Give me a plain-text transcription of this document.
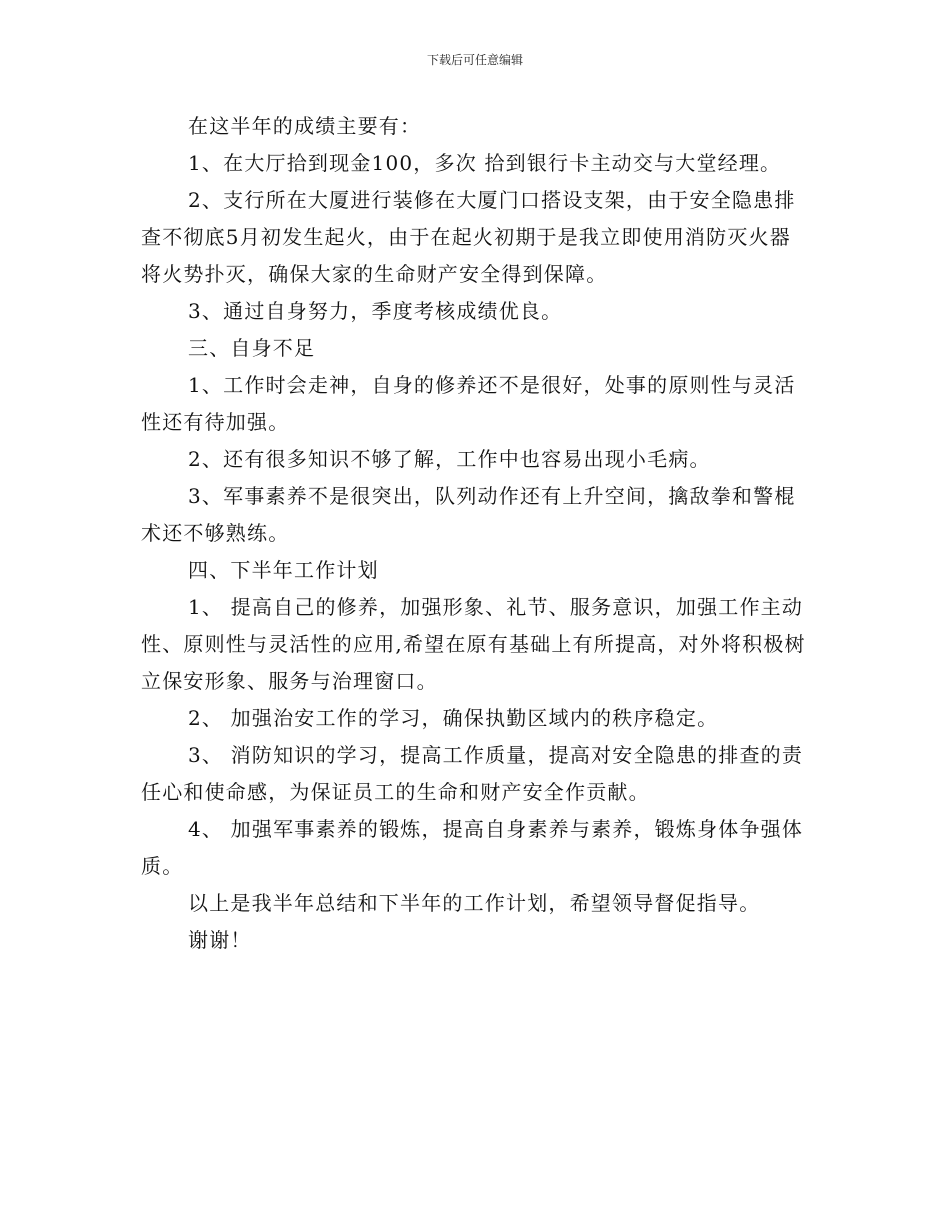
下载后可任意编辑

在这半年的成绩主要有：

1、在大厅拾到现金100，多次 拾到银行卡主动交与大堂经理。

2、支行所在大厦进行装修在大厦门口搭设支架，由于安全隐患排查不彻底5月初发生起火，由于在起火初期于是我立即使用消防灭火器将火势扑灭，确保大家的生命财产安全得到保障。

3、通过自身努力，季度考核成绩优良。

三、自身不足

1、工作时会走神，自身的修养还不是很好，处事的原则性与灵活性还有待加强。

2、还有很多知识不够了解，工作中也容易出现小毛病。

3、军事素养不是很突出，队列动作还有上升空间，擒敌拳和警棍术还不够熟练。

四、下半年工作计划

1、 提高自己的修养，加强形象、礼节、服务意识，加强工作主动性、原则性与灵活性的应用,希望在原有基础上有所提高，对外将积极树立保安形象、服务与治理窗口。

2、 加强治安工作的学习，确保执勤区域内的秩序稳定。

3、 消防知识的学习，提高工作质量，提高对安全隐患的排查的责任心和使命感，为保证员工的生命和财产安全作贡献。

4、 加强军事素养的锻炼，提高自身素养与素养，锻炼身体争强体质。

以上是我半年总结和下半年的工作计划，希望领导督促指导。

谢谢！
